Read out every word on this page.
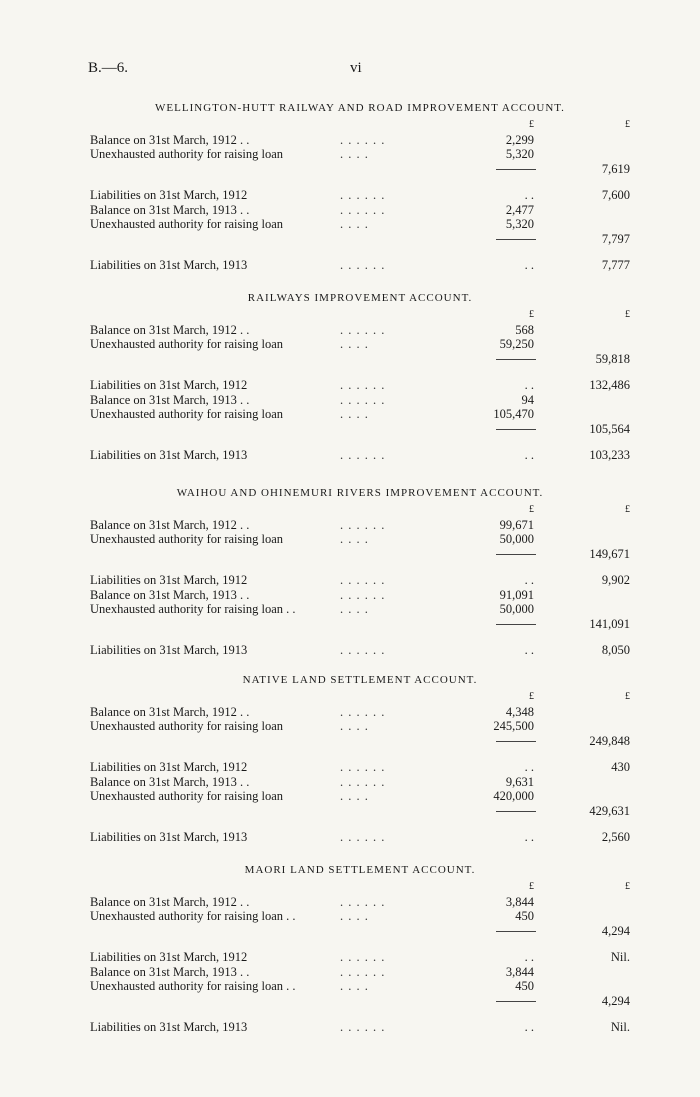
B.—6.	vi
WELLINGTON-HUTT RAILWAY AND ROAD IMPROVEMENT ACCOUNT.
£	£
Balance on 31st March, 1912 . .	. . . . . .	2,299
Unexhausted authority for raising loan	. . . .	5,320
7,619
Liabilities on 31st March, 1912	. . . . . .	. .	7,600
Balance on 31st March, 1913 . .	. . . . . .	2,477
Unexhausted authority for raising loan	. . . .	5,320
7,797
Liabilities on 31st March, 1913	. . . . . .	. .	7,777
RAILWAYS IMPROVEMENT ACCOUNT.
£	£
Balance on 31st March, 1912 . .	. . . . . .	568
Unexhausted authority for raising loan	. . . .	59,250
59,818
Liabilities on 31st March, 1912	. . . . . .	. .	132,486
Balance on 31st March, 1913 . .	. . . . . .	94
Unexhausted authority for raising loan	. . . .	105,470
105,564
Liabilities on 31st March, 1913	. . . . . .	. .	103,233
WAIHOU AND OHINEMURI RIVERS IMPROVEMENT ACCOUNT.
£	£
Balance on 31st March, 1912 . .	. . . . . .	99,671
Unexhausted authority for raising loan	. . . .	50,000
149,671
Liabilities on 31st March, 1912	. . . . . .	. .	9,902
Balance on 31st March, 1913 . .	. . . . . .	91,091
Unexhausted authority for raising loan . .	. . . .	50,000
141,091
Liabilities on 31st March, 1913	. . . . . .	. .	8,050
NATIVE LAND SETTLEMENT ACCOUNT.
£	£
Balance on 31st March, 1912 . .	. . . . . .	4,348
Unexhausted authority for raising loan	. . . .	245,500
249,848
Liabilities on 31st March, 1912	. . . . . .	. .	430
Balance on 31st March, 1913 . .	. . . . . .	9,631
Unexhausted authority for raising loan	. . . .	420,000
429,631
Liabilities on 31st March, 1913	. . . . . .	. .	2,560
MAORI LAND SETTLEMENT ACCOUNT.
£	£
Balance on 31st March, 1912 . .	. . . . . .	3,844
Unexhausted authority for raising loan . .	. . . .	450
4,294
Liabilities on 31st March, 1912	. . . . . .	. .	Nil.
Balance on 31st March, 1913 . .	. . . . . .	3,844
Unexhausted authority for raising loan . .	. . . .	450
4,294
Liabilities on 31st March, 1913	. . . . . .	. .	Nil.
